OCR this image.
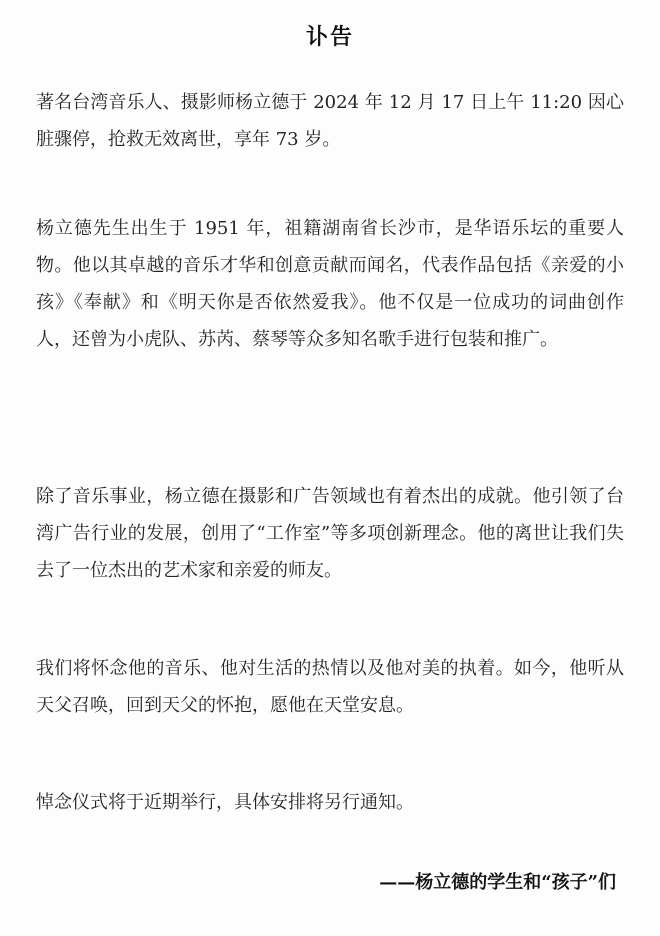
讣告

著名台湾音乐人、摄影师杨立德于 2024 年 12 月 17 日上午 11:20 因心脏骤停，抢救无效离世，享年 73 岁。

杨立德先生出生于 1951 年，祖籍湖南省长沙市，是华语乐坛的重要人物。他以其卓越的音乐才华和创意贡献而闻名，代表作品包括《亲爱的小孩》《奉献》和《明天你是否依然爱我》。他不仅是一位成功的词曲创作人，还曾为小虎队、苏芮、蔡琴等众多知名歌手进行包装和推广。

除了音乐事业，杨立德在摄影和广告领域也有着杰出的成就。他引领了台湾广告行业的发展，创用了“工作室”等多项创新理念。他的离世让我们失去了一位杰出的艺术家和亲爱的师友。

我们将怀念他的音乐、他对生活的热情以及他对美的执着。如今，他听从天父召唤，回到天父的怀抱，愿他在天堂安息。

悼念仪式将于近期举行，具体安排将另行通知。

——杨立德的学生和“孩子”们
